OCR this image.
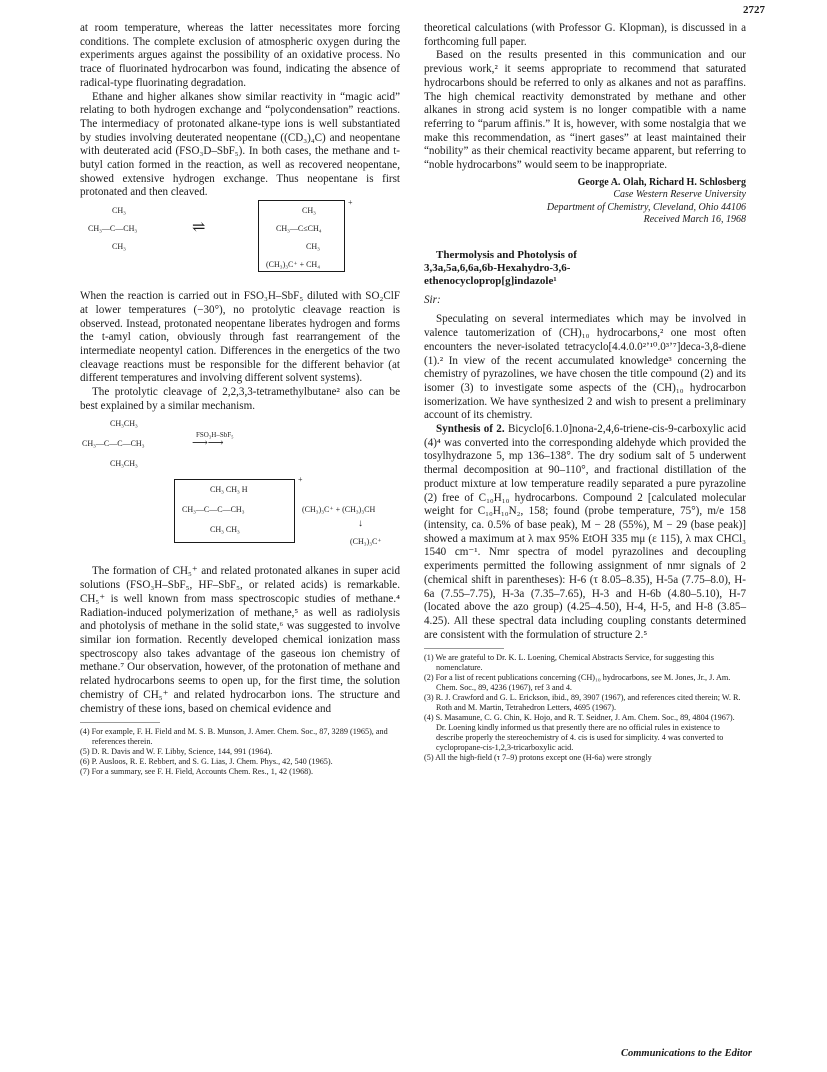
2727

at room temperature, whereas the latter necessitates more forcing conditions. The complete exclusion of atmospheric oxygen during the experiments argues against the possibility of an oxidative process. No trace of fluorinated hydrocarbon was found, indicating the absence of radical-type fluorinating degradation.

Ethane and higher alkanes show similar reactivity in “magic acid” relating to both hydrogen exchange and “polycondensation” reactions. The intermediacy of protonated alkane-type ions is well substantiated by studies involving deuterated neopentane ((CD₃)₄C) and neopentane with deuterated acid (FSO₃D–SbF₅). In both cases, the methane and t-butyl cation formed in the reaction, as well as recovered neopentane, showed extensive hydrogen exchange. Thus neopentane is first protonated and then cleaved.

CH₃
CH₃—C—CH₃
CH₃
⇌
CH₃
CH₃—C≤CH₄
CH₃
+
(CH₃)₃C⁺ + CH₄

When the reaction is carried out in FSO₃H–SbF₅ diluted with SO₂ClF at lower temperatures (−30°), no protolytic cleavage reaction is observed. Instead, protonated neopentane liberates hydrogen and forms the t-amyl cation, obviously through fast rearrangement of the intermediate neopentyl cation. Differences in the energetics of the two cleavage reactions must be responsible for the different behavior (at different temperatures and involving different solvent systems).

The protolytic cleavage of 2,2,3,3-tetramethylbutane² also can be best explained by a similar mechanism.

CH₃CH₃
CH₃—C—C—CH₃
CH₃CH₃
FSO₃H–SbF₅
⟶⟶
CH₃ CH₃ H
CH₃—C—C—CH₃
CH₃ CH₃
+
(CH₃)₃C⁺ + (CH₃)₃CH
↓
(CH₃)₃C⁺

The formation of CH₅⁺ and related protonated alkanes in super acid solutions (FSO₃H–SbF₅, HF–SbF₅, or related acids) is remarkable. CH₅⁺ is well known from mass spectroscopic studies of methane.⁴ Radiation-induced polymerization of methane,⁵ as well as radiolysis and photolysis of methane in the solid state,⁶ was suggested to involve similar ion formation. Recently developed chemical ionization mass spectroscopy also takes advantage of the gaseous ion chemistry of methane.⁷ Our observation, however, of the protonation of methane and related hydrocarbons seems to open up, for the first time, the solution chemistry of CH₅⁺ and related hydrocarbon ions. The structure and chemistry of these ions, based on chemical evidence and

(4) For example, F. H. Field and M. S. B. Munson, J. Amer. Chem. Soc., 87, 3289 (1965), and references therein.

(5) D. R. Davis and W. F. Libby, Science, 144, 991 (1964).

(6) P. Ausloos, R. E. Rebbert, and S. G. Lias, J. Chem. Phys., 42, 540 (1965).

(7) For a summary, see F. H. Field, Accounts Chem. Res., 1, 42 (1968).

theoretical calculations (with Professor G. Klopman), is discussed in a forthcoming full paper.

Based on the results presented in this communication and our previous work,² it seems appropriate to recommend that saturated hydrocarbons should be referred to only as alkanes and not as paraffins. The high chemical reactivity demonstrated by methane and other alkanes in strong acid system is no longer compatible with a name referring to “parum affinis.” It is, however, with some nostalgia that we make this recommendation, as “inert gases” at least maintained their “nobility” as their chemical reactivity became apparent, but referring to “noble hydrocarbons” would seem to be inappropriate.

George A. Olah, Richard H. Schlosberg

Case Western Reserve University

Department of Chemistry, Cleveland, Ohio 44106

Received March 16, 1968

Thermolysis and Photolysis of 3,3a,5a,6,6a,6b-Hexahydro-3,6-ethenocycloprop[g]indazole¹

Sir:

Speculating on several intermediates which may be involved in valence tautomerization of (CH)₁₀ hydrocarbons,² one most often encounters the never-isolated tetracyclo[4.4.0.0²’¹⁰.0³’⁷]deca-3,8-diene (1).² In view of the recent accumulated knowledge³ concerning the chemistry of pyrazolines, we have chosen the title compound (2) and its isomer (3) to investigate some aspects of the (CH)₁₀ hydrocarbon isomerization. We have synthesized 2 and wish to present a preliminary account of its chemistry.

Synthesis of 2. Bicyclo[6.1.0]nona-2,4,6-triene-cis-9-carboxylic acid (4)⁴ was converted into the corresponding aldehyde which provided the tosylhydrazone 5, mp 136–138°. The dry sodium salt of 5 underwent thermal decomposition at 90–110°, and fractional distillation of the product mixture at low temperature readily separated a pure pyrazoline (2) free of C₁₀H₁₀ hydrocarbons. Compound 2 [calculated molecular weight for C₁₀H₁₀N₂, 158; found (probe temperature, 75°), m/e 158 (intensity, ca. 0.5% of base peak), M − 28 (55%), M − 29 (base peak)] showed a maximum at λ max 95% EtOH 335 mμ (ε 115), λ max CHCl₃ 1540 cm⁻¹. Nmr spectra of model pyrazolines and decoupling experiments permitted the following assignment of nmr signals of 2 (chemical shift in parentheses): H-6 (τ 8.05–8.35), H-5a (7.75–8.0), H-6a (7.55–7.75), H-3a (7.35–7.65), H-3 and H-6b (4.80–5.10), H-7 (located above the azo group) (4.25–4.50), H-4, H-5, and H-8 (3.85–4.25). All these spectral data including coupling constants determined are consistent with the formulation of structure 2.⁵

(1) We are grateful to Dr. K. L. Loening, Chemical Abstracts Service, for suggesting this nomenclature.

(2) For a list of recent publications concerning (CH)₁₀ hydrocarbons, see M. Jones, Jr., J. Am. Chem. Soc., 89, 4236 (1967), ref 3 and 4.

(3) R. J. Crawford and G. L. Erickson, ibid., 89, 3907 (1967), and references cited therein; W. R. Roth and M. Martin, Tetrahedron Letters, 4695 (1967).

(4) S. Masamune, C. G. Chin, K. Hojo, and R. T. Seidner, J. Am. Chem. Soc., 89, 4804 (1967). Dr. Loening kindly informed us that presently there are no official rules in existence to describe properly the stereochemistry of 4. cis is used for simplicity. 4 was converted to cyclopropane-cis-1,2,3-tricarboxylic acid.

(5) All the high-field (τ 7–9) protons except one (H-6a) were strongly

Communications to the Editor
